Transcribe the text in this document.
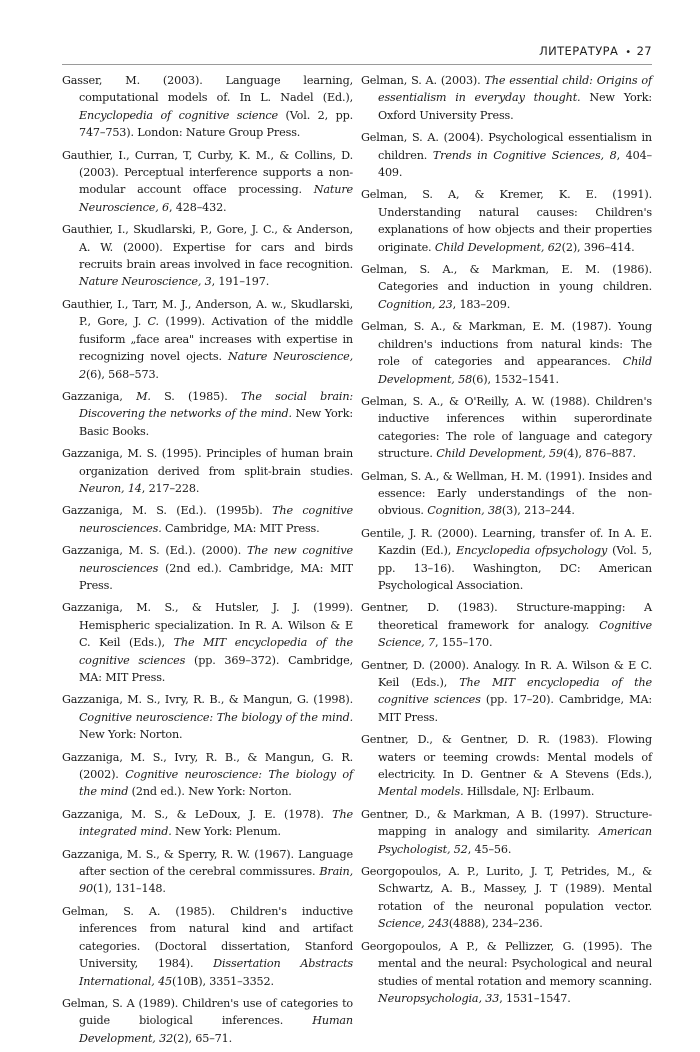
ЛИТЕРАТУРА • 27

Gasser, M. (2003). Language learning, computational models of. In L. Nadel (Ed.), Encyclopedia of cognitive science (Vol. 2, pp. 747–753). London: Nature Group Press.

Gauthier, I., Curran, T, Curby, K. M., & Collins, D. (2003). Perceptual interference supports a non-modular account offace processing. Nature Neuroscience, 6, 428–432.

Gauthier, I., Skudlarski, P., Gore, J. C., & Anderson, A. W. (2000). Expertise for cars and birds recruits brain areas involved in face recognition. Nature Neuroscience, 3, 191–197.

Gauthier, I., Tarr, M. J., Anderson, A. w., Skudlarski, P., Gore, J. C. (1999). Activation of the middle fusiform „face area" increases with expertise in recognizing novel ojects. Nature Neuroscience, 2(6), 568–573.

Gazzaniga, M. S. (1985). The social brain: Discovering the networks of the mind. New York: Basic Books.

Gazzaniga, M. S. (1995). Principles of human brain organization derived from split-brain studies. Neuron, 14, 217–228.

Gazzaniga, M. S. (Ed.). (1995b). The cognitive neurosciences. Cambridge, MA: MIT Press.

Gazzaniga, M. S. (Ed.). (2000). The new cognitive neurosciences (2nd ed.). Cambridge, MA: MIT Press.

Gazzaniga, M. S., & Hutsler, J. J. (1999). Hemispheric specialization. In R. A. Wilson & E C. Keil (Eds.), The MIT encyclopedia of the cognitive sciences (pp. 369–372). Cambridge, MA: MIT Press.

Gazzaniga, M. S., Ivry, R. B., & Mangun, G. (1998). Cognitive neuroscience: The biology of the mind. New York: Norton.

Gazzaniga, M. S., Ivry, R. B., & Mangun, G. R. (2002). Cognitive neuroscience: The biology of the mind (2nd ed.). New York: Norton.

Gazzaniga, M. S., & LeDoux, J. E. (1978). The integrated mind. New York: Plenum.

Gazzaniga, M. S., & Sperry, R. W. (1967). Language after section of the cerebral commissures. Brain, 90(1), 131–148.

Gelman, S. A. (1985). Children's inductive inferences from natural kind and artifact categories. (Doctoral dissertation, Stanford University, 1984). Dissertation Abstracts International, 45(10B), 3351–3352.

Gelman, S. A (1989). Children's use of categories to guide biological inferences. Human Development, 32(2), 65–71.

Gelman, S. A. (2003). The essential child: Origins of essentialism in everyday thought. New York: Oxford University Press.

Gelman, S. A. (2004). Psychological essentialism in children. Trends in Cognitive Sciences, 8, 404–409.

Gelman, S. A, & Kremer, K. E. (1991). Understanding natural causes: Children's explanations of how objects and their properties originate. Child Development, 62(2), 396–414.

Gelman, S. A., & Markman, E. M. (1986). Categories and induction in young children. Cognition, 23, 183–209.

Gelman, S. A., & Markman, E. M. (1987). Young children's inductions from natural kinds: The role of categories and appearances. Child Development, 58(6), 1532–1541.

Gelman, S. A., & O'Reilly, A. W. (1988). Children's inductive inferences within superordinate categories: The role of language and category structure. Child Development, 59(4), 876–887.

Gelman, S. A., & Wellman, H. M. (1991). Insides and essence: Early understandings of the non-obvious. Cognition, 38(3), 213–244.

Gentile, J. R. (2000). Learning, transfer of. In A. E. Kazdin (Ed.), Encyclopedia ofpsychology (Vol. 5, pp. 13–16). Washington, DC: American Psychological Association.

Gentner, D. (1983). Structure-mapping: A theoretical framework for analogy. Cognitive Science, 7, 155–170.

Gentner, D. (2000). Analogy. In R. A. Wilson & E C. Keil (Eds.), The MIT encyclopedia of the cognitive sciences (pp. 17–20). Cambridge, MA: MIT Press.

Gentner, D., & Gentner, D. R. (1983). Flowing waters or teeming crowds: Mental models of electricity. In D. Gentner & A Stevens (Eds.), Mental models. Hillsdale, NJ: Erlbaum.

Gentner, D., & Markman, A B. (1997). Structure-mapping in analogy and similarity. American Psychologist, 52, 45–56.

Georgopoulos, A. P., Lurito, J. T, Petrides, M., & Schwartz, A. B., Massey, J. T (1989). Mental rotation of the neuronal population vector. Science, 243(4888), 234–236.

Georgopoulos, A P., & Pellizzer, G. (1995). The mental and the neural: Psychological and neural studies of mental rotation and memory scanning. Neuropsychologia, 33, 1531–1547.
